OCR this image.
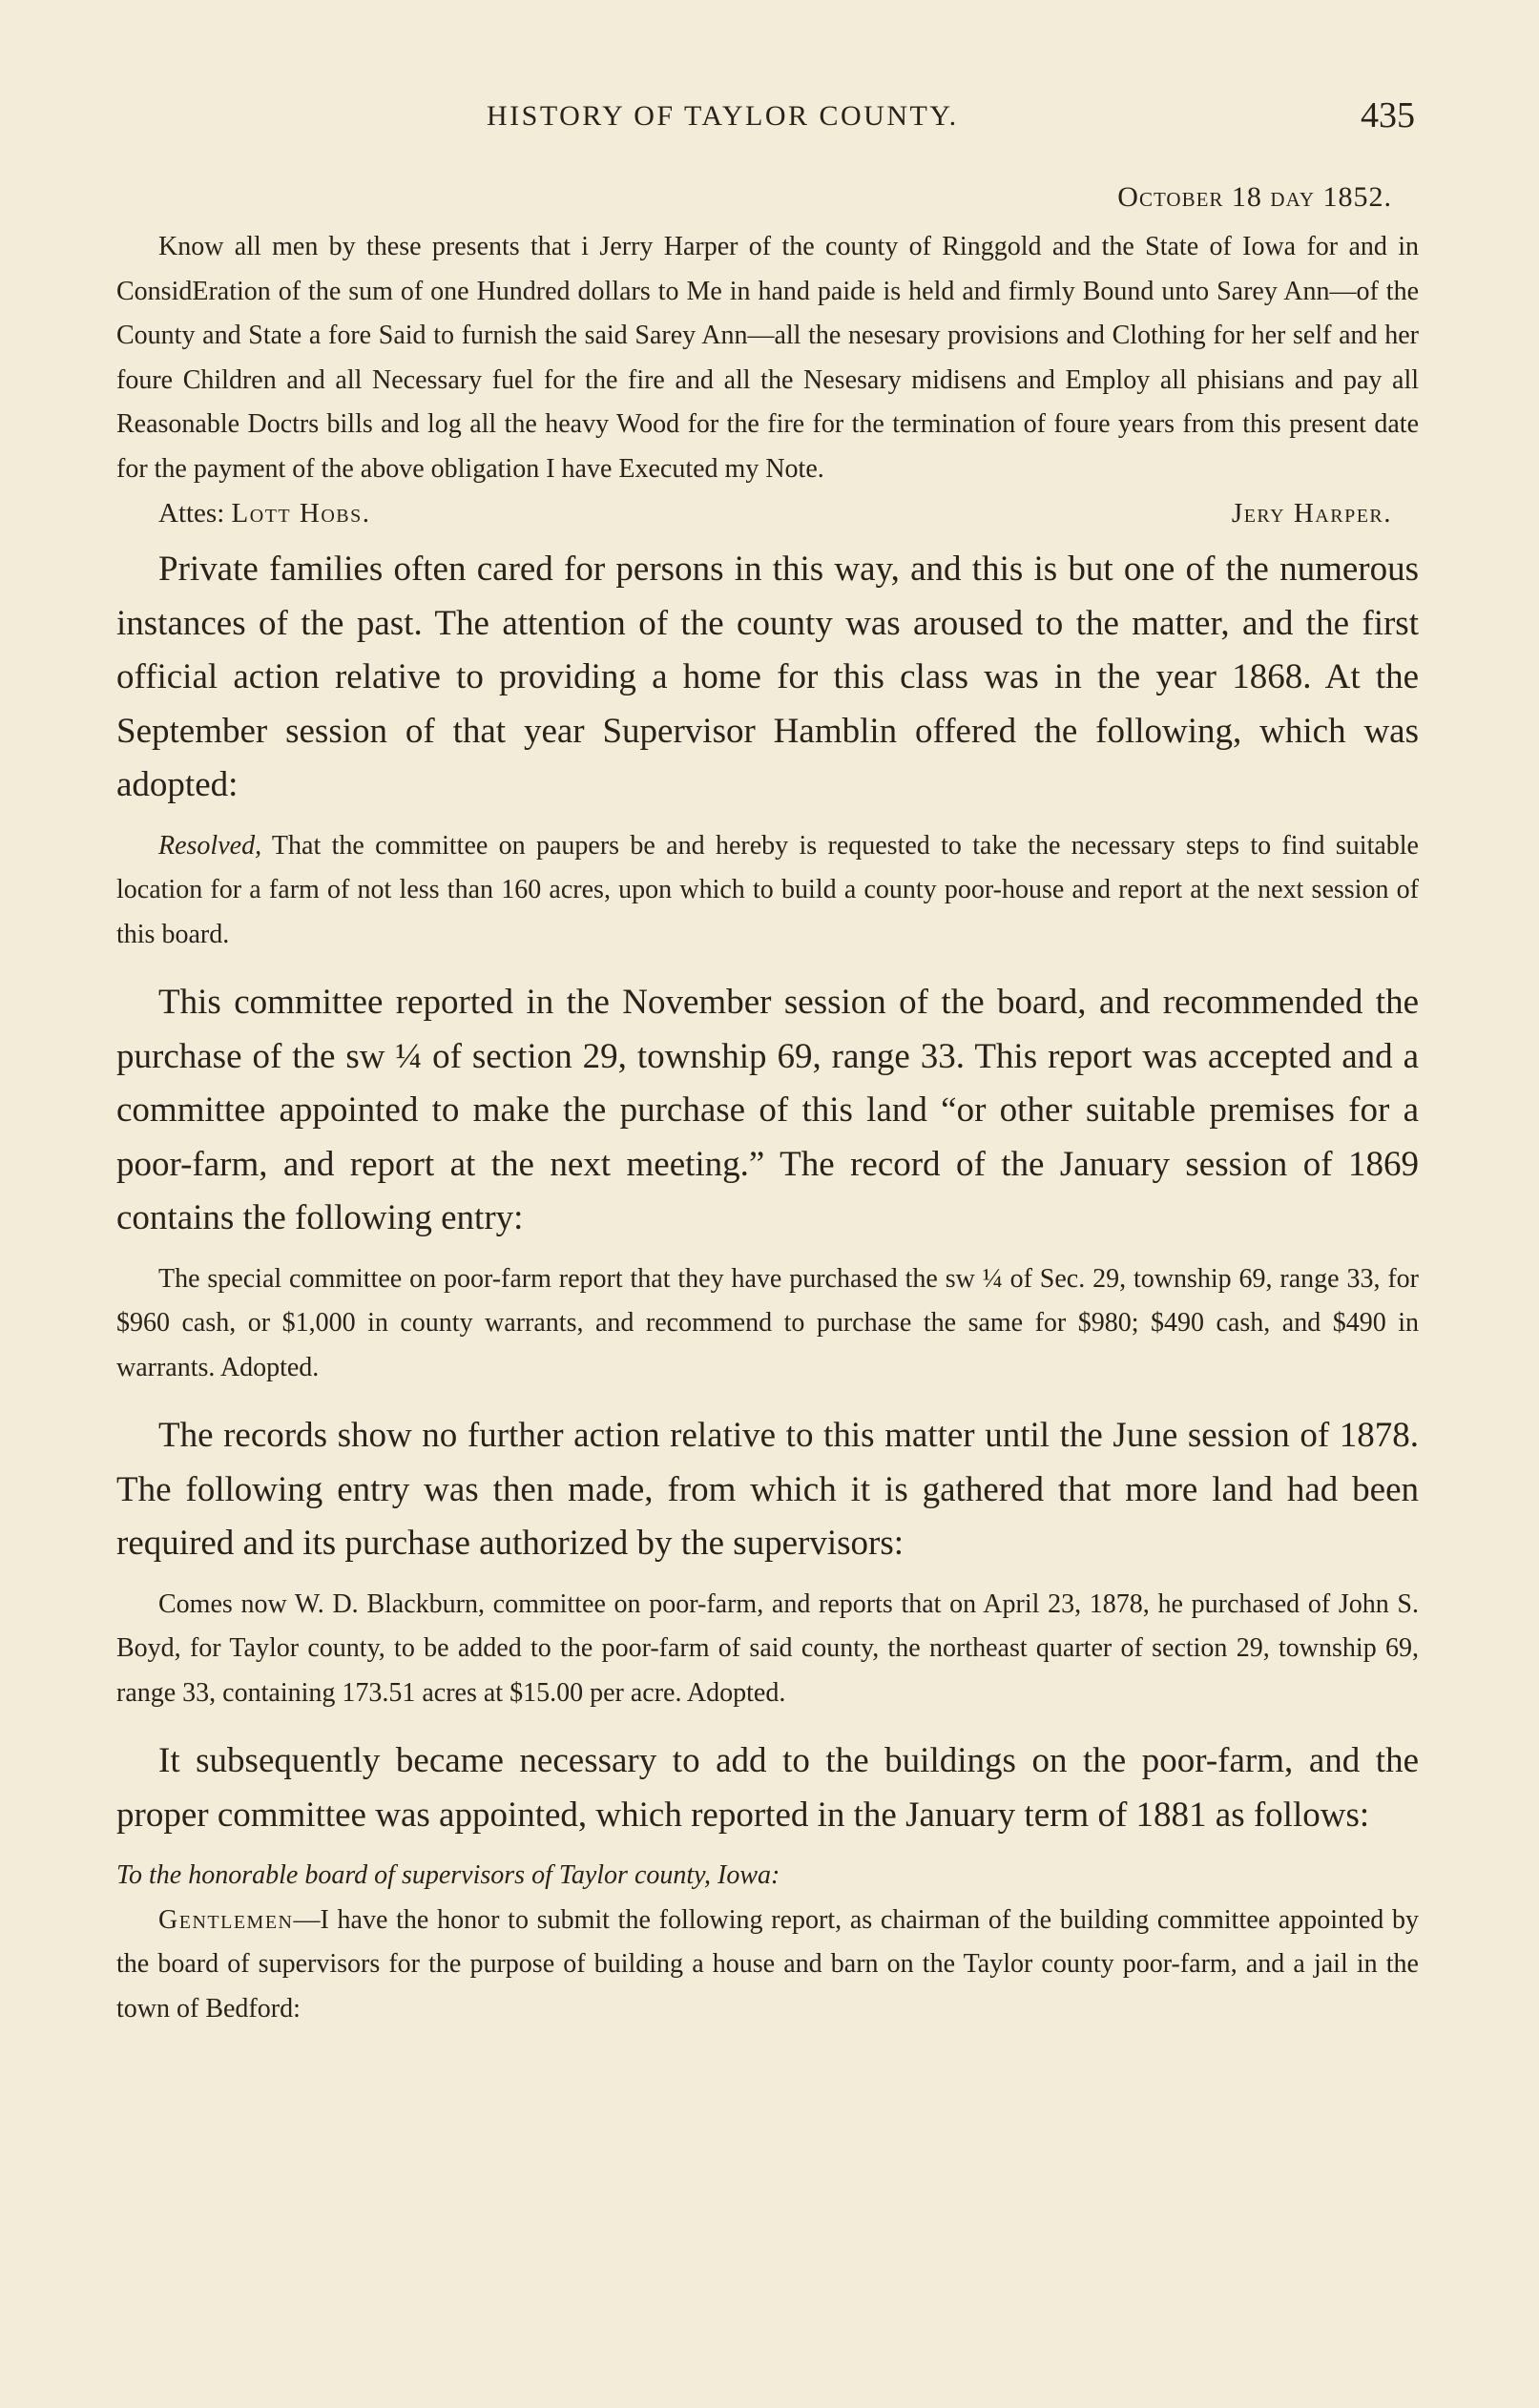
HISTORY OF TAYLOR COUNTY.	435
October 18 day 1852.

Know all men by these presents that i Jerry Harper of the county of Ringgold and the State of Iowa for and in ConsidEration of the sum of one Hundred dollars to Me in hand paide is held and firmly Bound unto Sarey Ann—of the County and State a fore Said to furnish the said Sarey Ann—all the nesesary provisions and Clothing for her self and her foure Children and all Necessary fuel for the fire and all the Nesesary midisens and Employ all phisians and pay all Reasonable Doctrs bills and log all the heavy Wood for the fire for the termination of foure years from this present date for the payment of the above obligation I have Executed my Note.

Attes: Lott Hobs.	Jery Harper.

Private families often cared for persons in this way, and this is but one of the numerous instances of the past. The attention of the county was aroused to the matter, and the first official action relative to providing a home for this class was in the year 1868. At the September session of that year Supervisor Hamblin offered the following, which was adopted:

Resolved, That the committee on paupers be and hereby is requested to take the necessary steps to find suitable location for a farm of not less than 160 acres, upon which to build a county poor-house and report at the next session of this board.

This committee reported in the November session of the board, and recommended the purchase of the sw ¼ of section 29, township 69, range 33. This report was accepted and a committee appointed to make the purchase of this land “or other suitable premises for a poor-farm, and report at the next meeting.” The record of the January session of 1869 contains the following entry:

The special committee on poor-farm report that they have purchased the sw ¼ of Sec. 29, township 69, range 33, for $960 cash, or $1,000 in county warrants, and recommend to purchase the same for $980; $490 cash, and $490 in warrants. Adopted.

The records show no further action relative to this matter until the June session of 1878. The following entry was then made, from which it is gathered that more land had been required and its purchase authorized by the supervisors:

Comes now W. D. Blackburn, committee on poor-farm, and reports that on April 23, 1878, he purchased of John S. Boyd, for Taylor county, to be added to the poor-farm of said county, the northeast quarter of section 29, township 69, range 33, containing 173.51 acres at $15.00 per acre. Adopted.

It subsequently became necessary to add to the buildings on the poor-farm, and the proper committee was appointed, which reported in the January term of 1881 as follows:

To the honorable board of supervisors of Taylor county, Iowa:

Gentlemen—I have the honor to submit the following report, as chairman of the building committee appointed by the board of supervisors for the purpose of building a house and barn on the Taylor county poor-farm, and a jail in the town of Bedford:
